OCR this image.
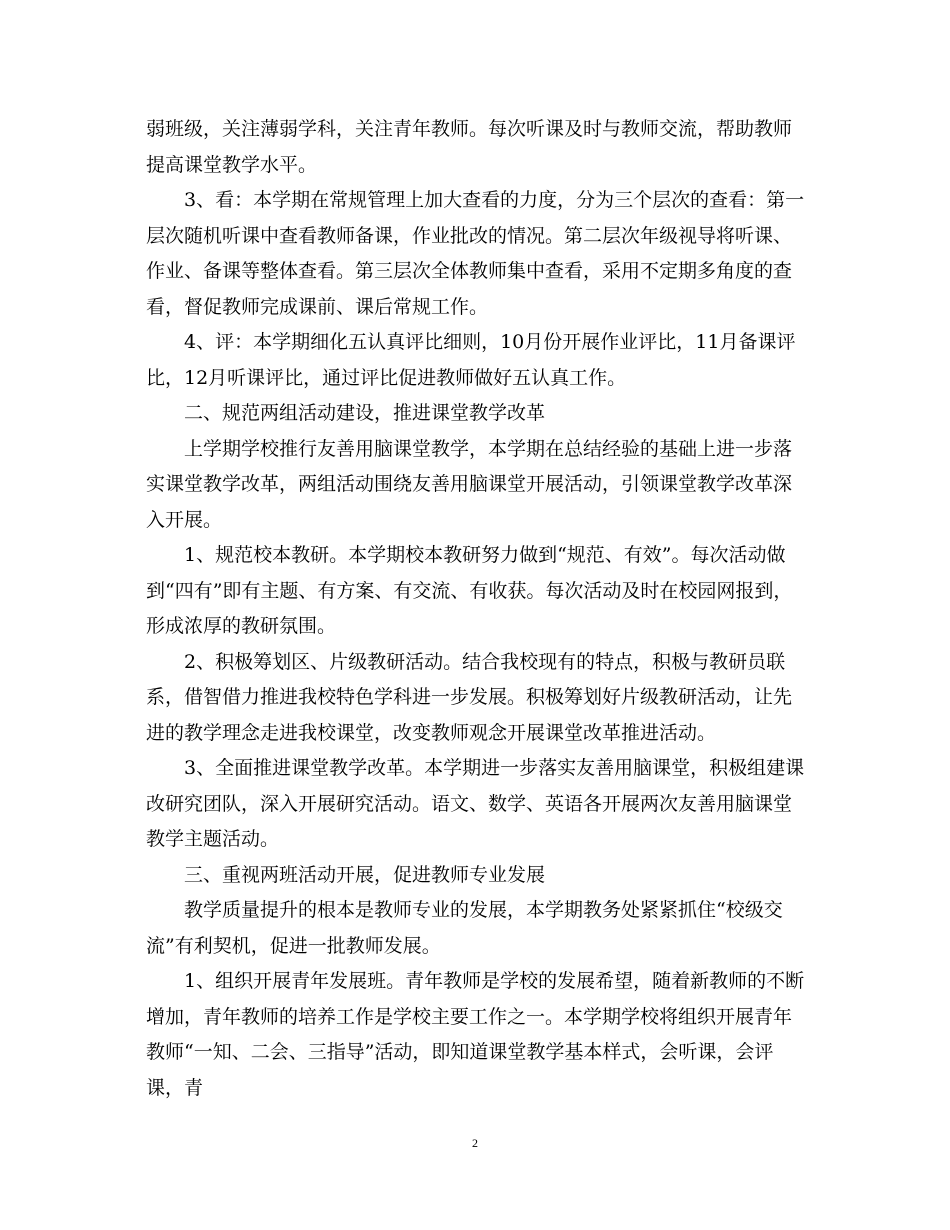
弱班级，关注薄弱学科，关注青年教师。每次听课及时与教师交流，帮助教师提高课堂教学水平。

3、看：本学期在常规管理上加大查看的力度，分为三个层次的查看：第一层次随机听课中查看教师备课，作业批改的情况。第二层次年级视导将听课、作业、备课等整体查看。第三层次全体教师集中查看，采用不定期多角度的查看，督促教师完成课前、课后常规工作。

4、评：本学期细化五认真评比细则，10月份开展作业评比，11月备课评比，12月听课评比，通过评比促进教师做好五认真工作。

二、规范两组活动建设，推进课堂教学改革

上学期学校推行友善用脑课堂教学，本学期在总结经验的基础上进一步落实课堂教学改革，两组活动围绕友善用脑课堂开展活动，引领课堂教学改革深入开展。

1、规范校本教研。本学期校本教研努力做到“规范、有效”。每次活动做到“四有”即有主题、有方案、有交流、有收获。每次活动及时在校园网报到，形成浓厚的教研氛围。

2、积极筹划区、片级教研活动。结合我校现有的特点，积极与教研员联系，借智借力推进我校特色学科进一步发展。积极筹划好片级教研活动，让先进的教学理念走进我校课堂，改变教师观念开展课堂改革推进活动。

3、全面推进课堂教学改革。本学期进一步落实友善用脑课堂，积极组建课改研究团队，深入开展研究活动。语文、数学、英语各开展两次友善用脑课堂教学主题活动。

三、重视两班活动开展，促进教师专业发展

教学质量提升的根本是教师专业的发展，本学期教务处紧紧抓住“校级交流”有利契机，促进一批教师发展。

1、组织开展青年发展班。青年教师是学校的发展希望，随着新教师的不断增加，青年教师的培养工作是学校主要工作之一。本学期学校将组织开展青年教师“一知、二会、三指导”活动，即知道课堂教学基本样式，会听课，会评课，青

2
